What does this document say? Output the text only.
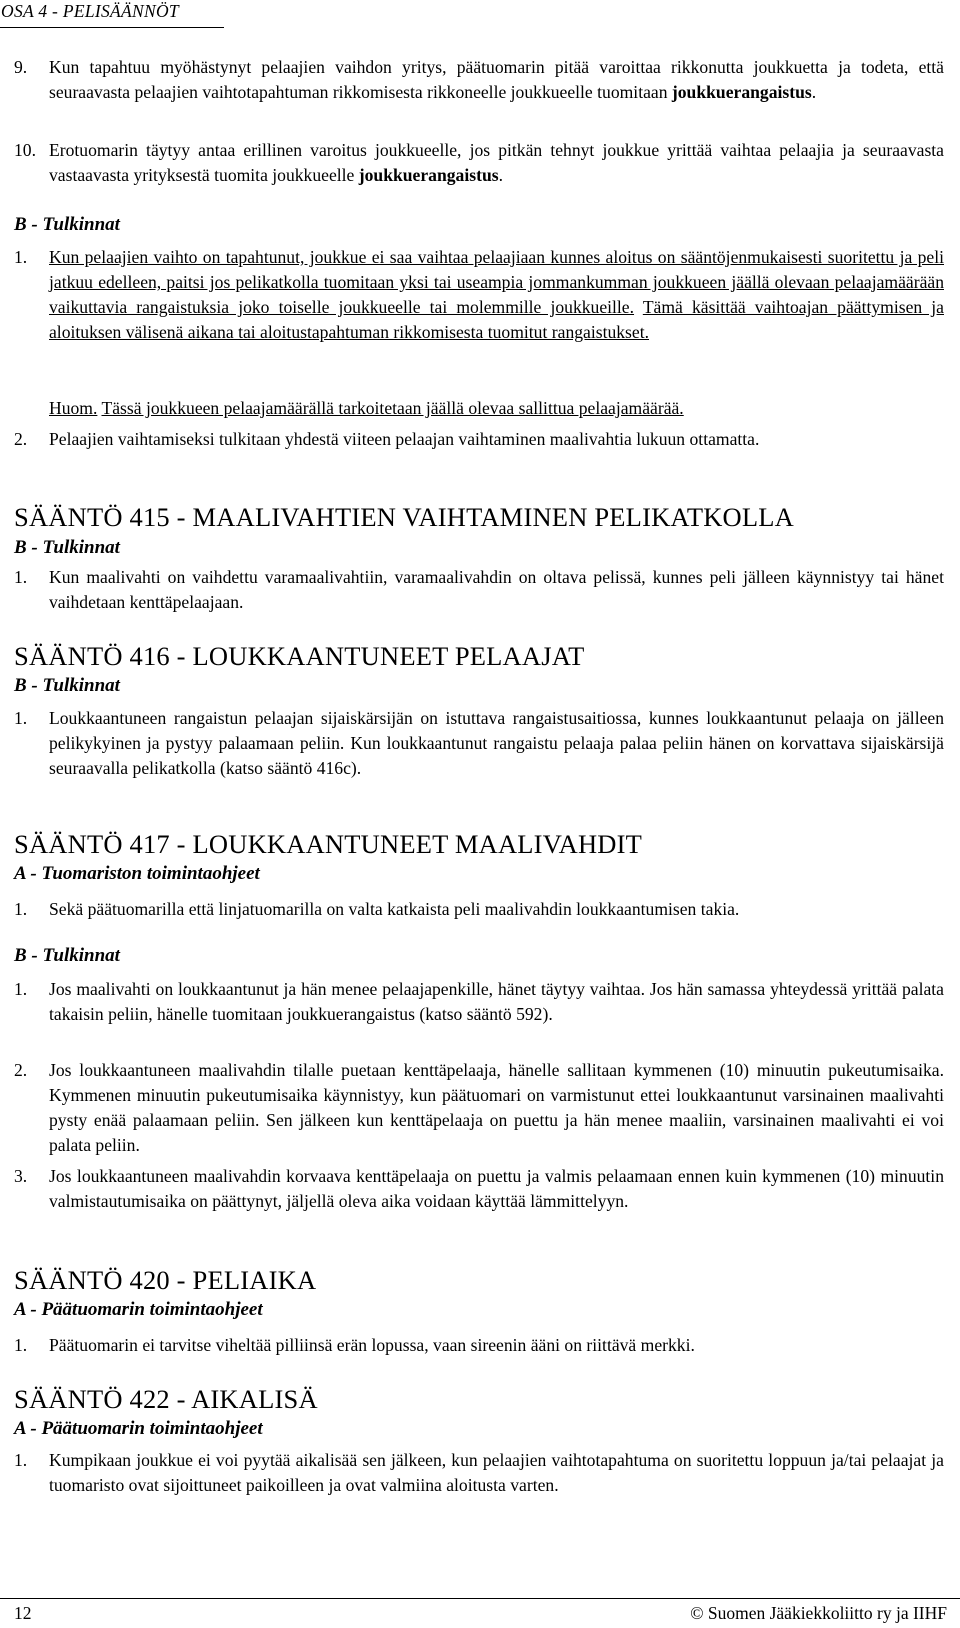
OSA 4 - PELISÄÄNNÖT
9. Kun tapahtuu myöhästynyt pelaajien vaihdon yritys, päätuomarin pitää varoittaa rikkonutta joukkuetta ja todeta, että seuraavasta pelaajien vaihtotapahtuman rikkomisesta rikkoneelle joukkueelle tuomitaan joukkuerangaistus.
10. Erotuomarin täytyy antaa erillinen varoitus joukkueelle, jos pitkän tehnyt joukkue yrittää vaihtaa pelaajia ja seuraavasta vastaavasta yrityksestä tuomita joukkueelle joukkuerangaistus.
B - Tulkinnat
1. Kun pelaajien vaihto on tapahtunut, joukkue ei saa vaihtaa pelaajiaan kunnes aloitus on sääntöjenmukaisesti suoritettu ja peli jatkuu edelleen, paitsi jos pelikatkolla tuomitaan yksi tai useampia jommankumman joukkueen jäällä olevaan pelaajamäärään vaikuttavia rangaistuksia joko toiselle joukkueelle tai molemmille joukkueille. Tämä käsittää vaihtoajan päättymisen ja aloituksen välisenä aikana tai aloitustapahtuman rikkomisesta tuomitut rangaistukset.
Huom. Tässä joukkueen pelaajamäärällä tarkoitetaan jäällä olevaa sallittua pelaajamäärää.
2. Pelaajien vaihtamiseksi tulkitaan yhdestä viiteen pelaajan vaihtaminen maalivahtia lukuun ottamatta.
SÄÄNTÖ 415 - MAALIVAHTIEN VAIHTAMINEN PELIKATKOLLA
B - Tulkinnat
1. Kun maalivahti on vaihdettu varamaalivahtiin, varamaalivahdin on oltava pelissä, kunnes peli jälleen käynnistyy tai hänet vaihdetaan kenttäpelaajaan.
SÄÄNTÖ 416 - LOUKKAANTUNEET PELAAJAT
B - Tulkinnat
1. Loukkaantuneen rangaistun pelaajan sijaiskärsijän on istuttava rangaistusaitiossa, kunnes loukkaantunut pelaaja on jälleen pelikykyinen ja pystyy palaamaan peliin. Kun loukkaantunut rangaistu pelaaja palaa peliin hänen on korvattava sijaiskärsijä seuraavalla pelikatkolla (katso sääntö 416c).
SÄÄNTÖ 417 - LOUKKAANTUNEET MAALIVAHDIT
A - Tuomariston toimintaohjeet
1. Sekä päätuomarilla että linjatuomarilla on valta katkaista peli maalivahdin loukkaantumisen takia.
B - Tulkinnat
1. Jos maalivahti on loukkaantunut ja hän menee pelaajapenkille, hänet täytyy vaihtaa. Jos hän samassa yhteydessä yrittää palata takaisin peliin, hänelle tuomitaan joukkuerangaistus (katso sääntö 592).
2. Jos loukkaantuneen maalivahdin tilalle puetaan kenttäpelaaja, hänelle sallitaan kymmenen (10) minuutin pukeutumisaika. Kymmenen minuutin pukeutumisaika käynnistyy, kun päätuomari on varmistunut ettei loukkaantunut varsinainen maalivahti pysty enää palaamaan peliin. Sen jälkeen kun kenttäpelaaja on puettu ja hän menee maaliin, varsinainen maalivahti ei voi palata peliin.
3. Jos loukkaantuneen maalivahdin korvaava kenttäpelaaja on puettu ja valmis pelaamaan ennen kuin kymmenen (10) minuutin valmistautumisaika on päättynyt, jäljellä oleva aika voidaan käyttää lämmittelyyn.
SÄÄNTÖ 420 - PELIAIKA
A - Päätuomarin toimintaohjeet
1. Päätuomarin ei tarvitse viheltää pilliinsä erän lopussa, vaan sireenin ääni on riittävä merkki.
SÄÄNTÖ 422 - AIKALISÄ
A - Päätuomarin toimintaohjeet
1. Kumpikaan joukkue ei voi pyytää aikalisää sen jälkeen, kun pelaajien vaihtotapahtuma on suoritettu loppuun ja/tai pelaajat ja tuomaristo ovat sijoittuneet paikoilleen ja ovat valmiina aloitusta varten.
12	© Suomen Jääkiekkoliitto ry ja IIHF
